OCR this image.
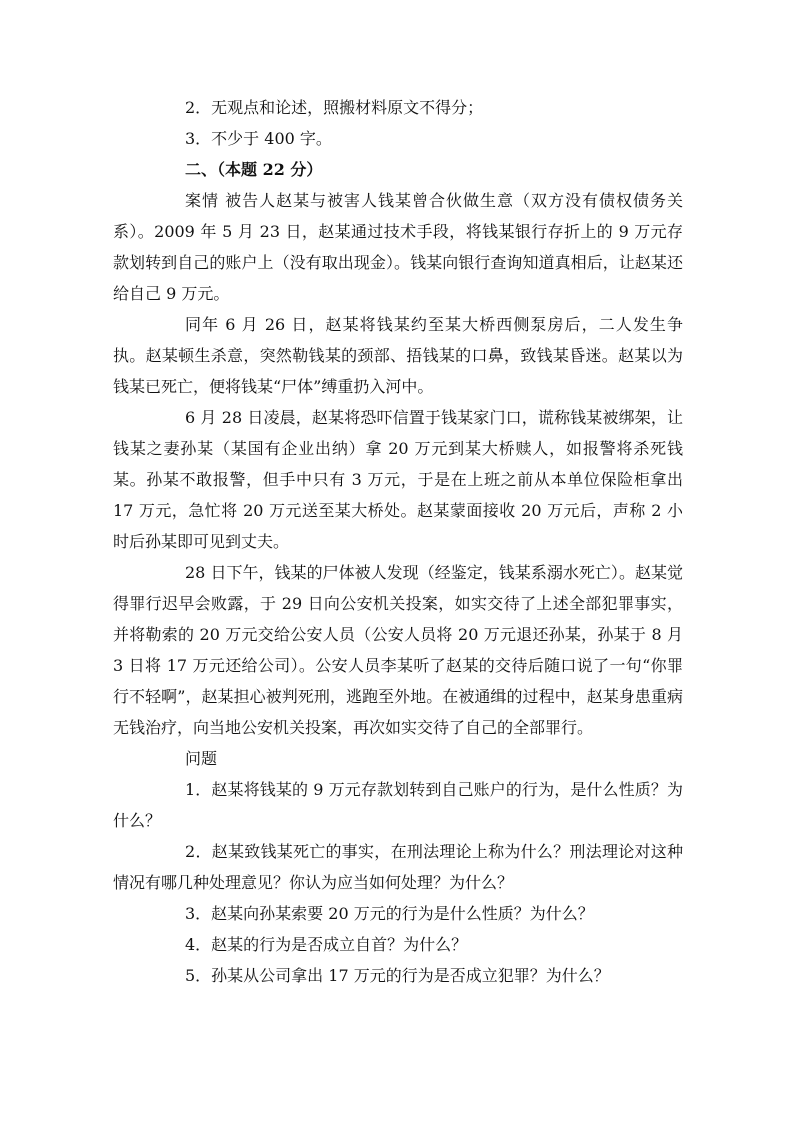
2．无观点和论述，照搬材料原文不得分；

3．不少于 400 字。

二、（本题 22 分）

案情 被告人赵某与被害人钱某曾合伙做生意（双方没有债权债务关系）。2009 年 5 月 23 日，赵某通过技术手段，将钱某银行存折上的 9 万元存款划转到自己的账户上（没有取出现金）。钱某向银行查询知道真相后，让赵某还给自己 9 万元。

同年 6 月 26 日，赵某将钱某约至某大桥西侧泵房后，二人发生争执。赵某顿生杀意，突然勒钱某的颈部、捂钱某的口鼻，致钱某昏迷。赵某以为钱某已死亡，便将钱某“尸体”缚重扔入河中。

6 月 28 日凌晨，赵某将恐吓信置于钱某家门口，谎称钱某被绑架，让钱某之妻孙某（某国有企业出纳）拿 20 万元到某大桥赎人，如报警将杀死钱某。孙某不敢报警，但手中只有 3 万元，于是在上班之前从本单位保险柜拿出 17 万元，急忙将 20 万元送至某大桥处。赵某蒙面接收 20 万元后，声称 2 小时后孙某即可见到丈夫。

28 日下午，钱某的尸体被人发现（经鉴定，钱某系溺水死亡）。赵某觉得罪行迟早会败露，于 29 日向公安机关投案，如实交待了上述全部犯罪事实，并将勒索的 20 万元交给公安人员（公安人员将 20 万元退还孙某，孙某于 8 月 3 日将 17 万元还给公司）。公安人员李某听了赵某的交待后随口说了一句“你罪行不轻啊”，赵某担心被判死刑，逃跑至外地。在被通缉的过程中，赵某身患重病无钱治疗，向当地公安机关投案，再次如实交待了自己的全部罪行。

问题

1．赵某将钱某的 9 万元存款划转到自己账户的行为，是什么性质？为什么？

2．赵某致钱某死亡的事实，在刑法理论上称为什么？刑法理论对这种情况有哪几种处理意见？你认为应当如何处理？为什么？

3．赵某向孙某索要 20 万元的行为是什么性质？为什么？

4．赵某的行为是否成立自首？为什么？

5．孙某从公司拿出 17 万元的行为是否成立犯罪？为什么？
